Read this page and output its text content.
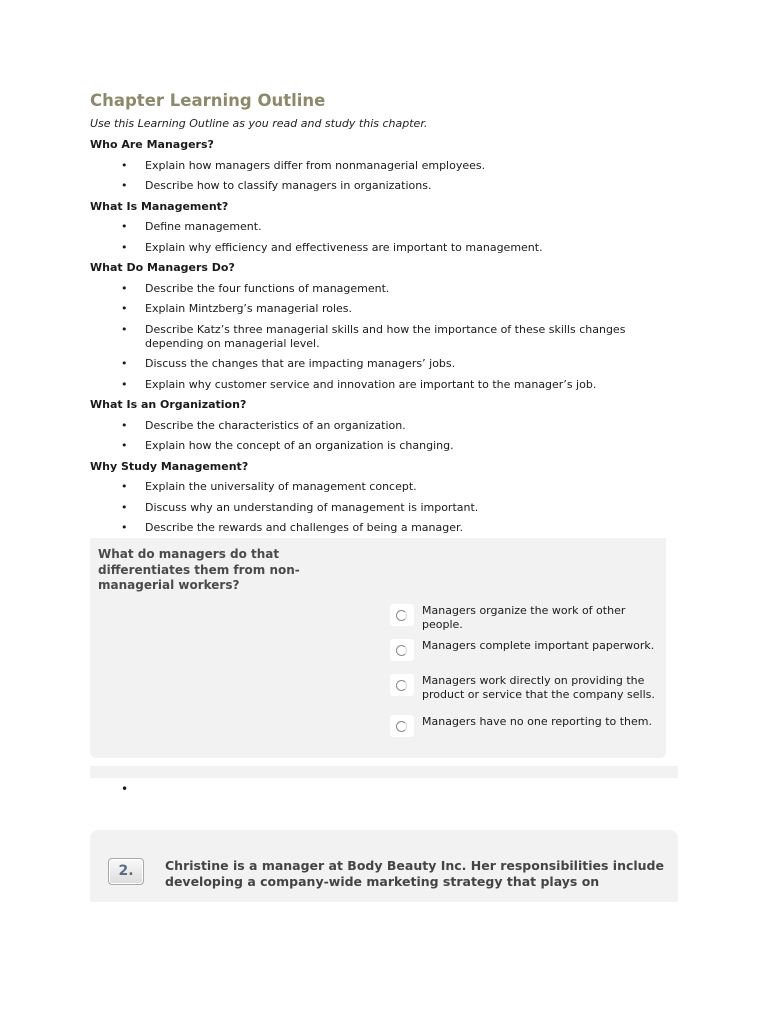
Chapter Learning Outline
Use this Learning Outline as you read and study this chapter.
Who Are Managers?
• Explain how managers differ from nonmanagerial employees.
• Describe how to classify managers in organizations.
What Is Management?
• Define management.
• Explain why efficiency and effectiveness are important to management.
What Do Managers Do?
• Describe the four functions of management.
• Explain Mintzberg’s managerial roles.
• Describe Katz’s three managerial skills and how the importance of these skills changes depending on managerial level.
• Discuss the changes that are impacting managers’ jobs.
• Explain why customer service and innovation are important to the manager’s job.
What Is an Organization?
• Describe the characteristics of an organization.
• Explain how the concept of an organization is changing.
Why Study Management?
• Explain the universality of management concept.
• Discuss why an understanding of management is important.
• Describe the rewards and challenges of being a manager.
What do managers do that differentiates them from non-managerial workers?
Managers organize the work of other people.
Managers complete important paperwork.
Managers work directly on providing the product or service that the company sells.
Managers have no one reporting to them.
•
2.	Christine is a manager at Body Beauty Inc. Her responsibilities include developing a company-wide marketing strategy that plays on
